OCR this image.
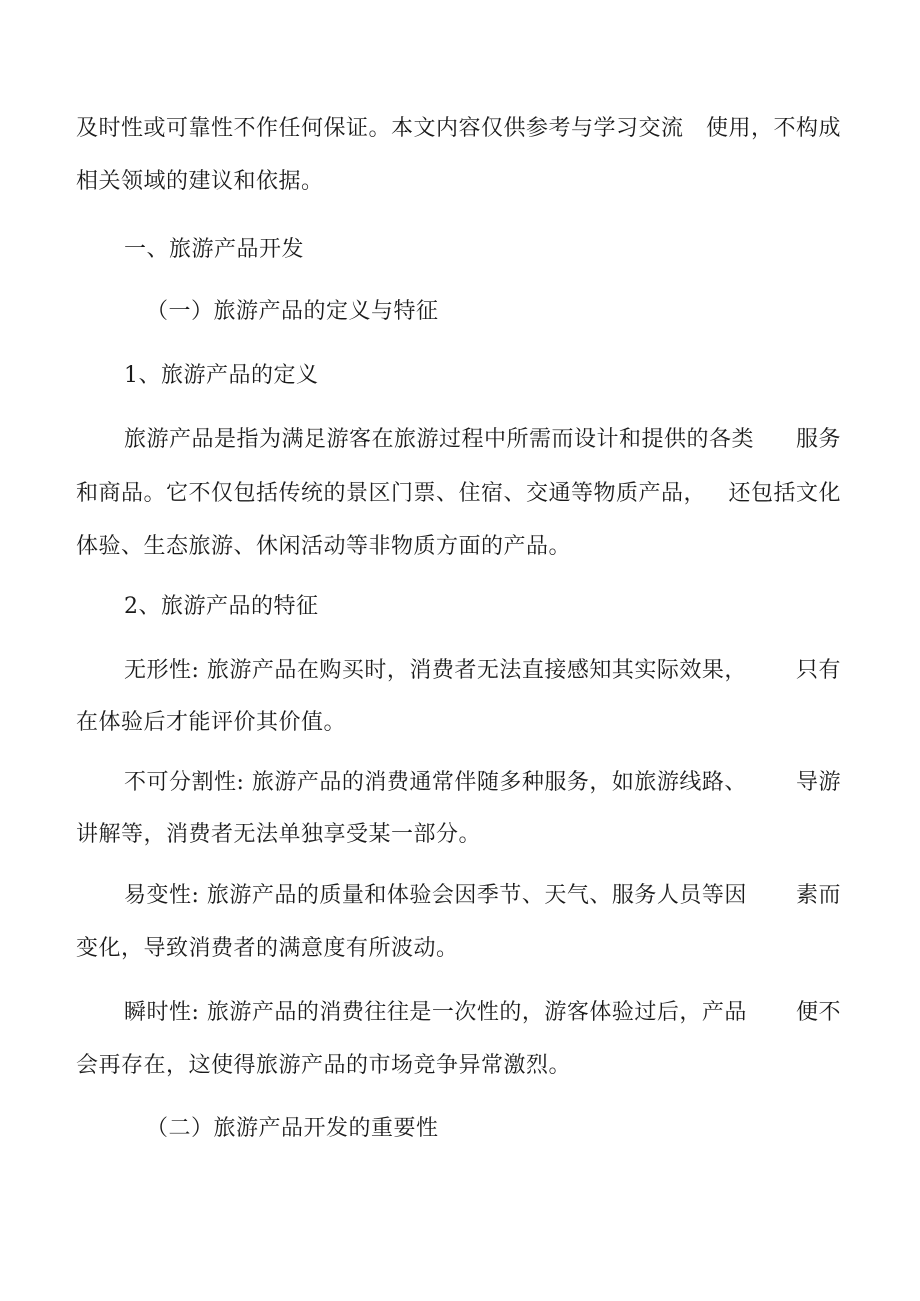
及时性或可靠性不作任何保证。本文内容仅供参考与学习交流 使用，不构成
相关领域的建议和依据。
一、旅游产品开发
（一）旅游产品的定义与特征
1、旅游产品的定义
旅游产品是指为满足游客在旅游过程中所需而设计和提供的各类 服务
和商品。它不仅包括传统的景区门票、住宿、交通等物质产品， 还包括文化
体验、生态旅游、休闲活动等非物质方面的产品。
2、旅游产品的特征
无形性: 旅游产品在购买时，消费者无法直接感知其实际效果， 只有
在体验后才能评价其价值。
不可分割性: 旅游产品的消费通常伴随多种服务，如旅游线路、 导游
讲解等，消费者无法单独享受某一部分。
易变性: 旅游产品的质量和体验会因季节、天气、服务人员等因 素而
变化，导致消费者的满意度有所波动。
瞬时性: 旅游产品的消费往往是一次性的，游客体验过后，产品 便不
会再存在，这使得旅游产品的市场竞争异常激烈。
（二）旅游产品开发的重要性
